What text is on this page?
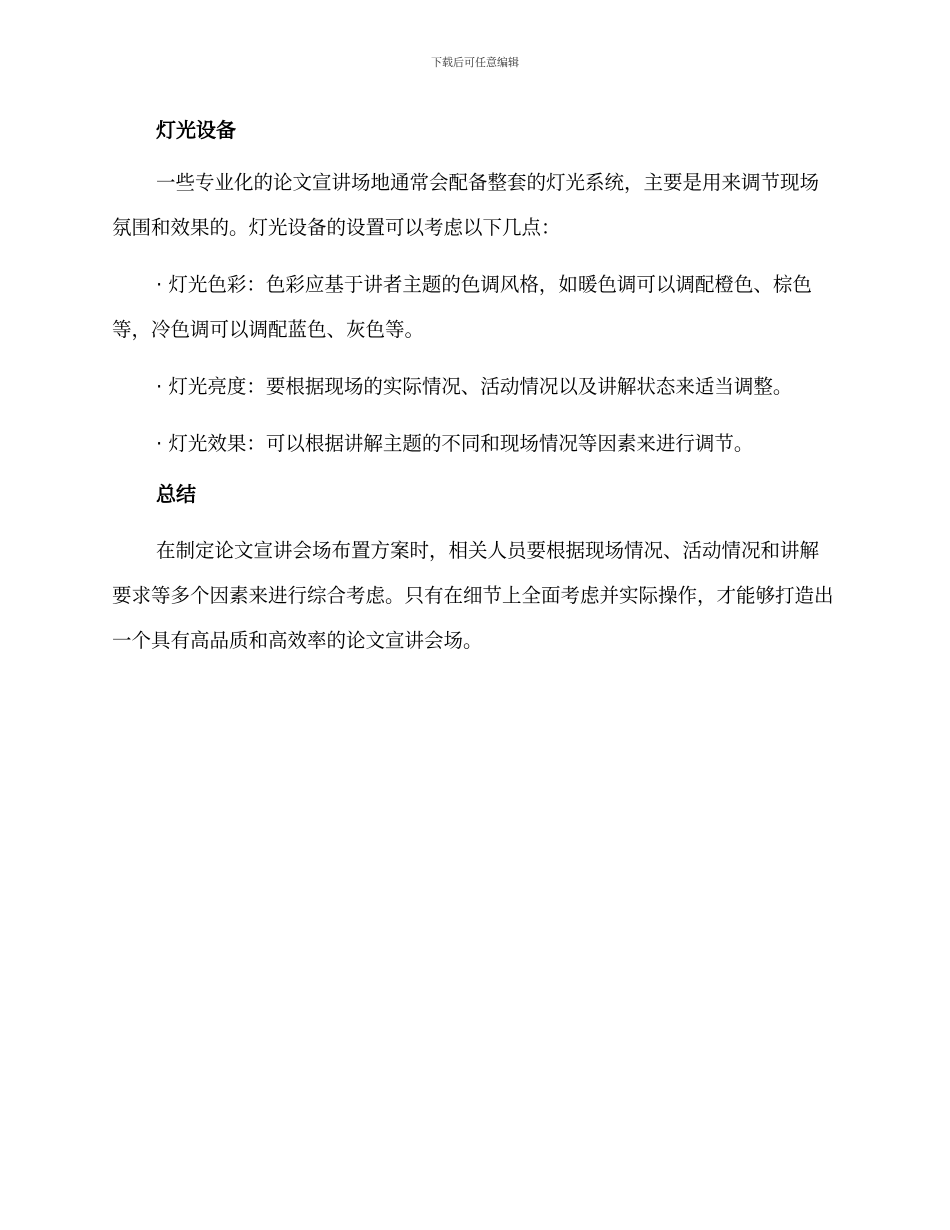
下载后可任意编辑
灯光设备

一些专业化的论文宣讲场地通常会配备整套的灯光系统，主要是用来调节现场氛围和效果的。灯光设备的设置可以考虑以下几点：

· 灯光色彩：色彩应基于讲者主题的色调风格，如暖色调可以调配橙色、棕色等，冷色调可以调配蓝色、灰色等。

· 灯光亮度：要根据现场的实际情况、活动情况以及讲解状态来适当调整。

· 灯光效果：可以根据讲解主题的不同和现场情况等因素来进行调节。

总结

在制定论文宣讲会场布置方案时，相关人员要根据现场情况、活动情况和讲解要求等多个因素来进行综合考虑。只有在细节上全面考虑并实际操作，才能够打造出一个具有高品质和高效率的论文宣讲会场。
